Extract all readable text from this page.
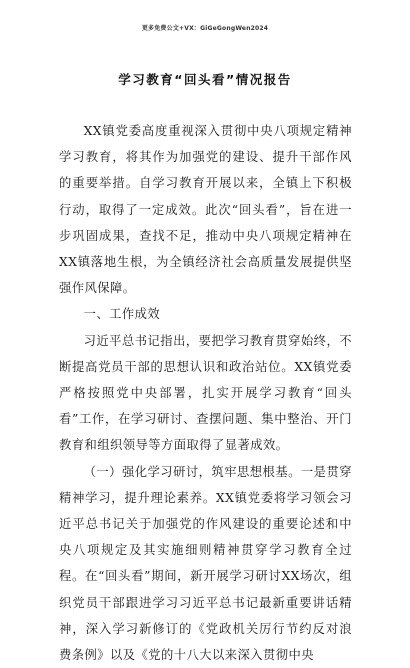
更多免费公文+VX：GiGeGongWen2024
学习教育“回头看”情况报告

XX镇党委高度重视深入贯彻中央八项规定精神学习教育，将其作为加强党的建设、提升干部作风的重要举措。自学习教育开展以来，全镇上下积极行动，取得了一定成效。此次“回头看”，旨在进一步巩固成果，查找不足，推动中央八项规定精神在XX镇落地生根，为全镇经济社会高质量发展提供坚强作风保障。

一、工作成效

习近平总书记指出，要把学习教育贯穿始终，不断提高党员干部的思想认识和政治站位。XX镇党委严格按照党中央部署，扎实开展学习教育“回头看”工作，在学习研讨、查摆问题、集中整治、开门教育和组织领导等方面取得了显著成效。

（一）强化学习研讨，筑牢思想根基。一是贯穿精神学习，提升理论素养。XX镇党委将学习领会习近平总书记关于加强党的作风建设的重要论述和中央八项规定及其实施细则精神贯穿学习教育全过程。在“回头看”期间，新开展学习研讨XX场次，组织党员干部跟进学习习近平总书记最新重要讲话精神，深入学习新修订的《党政机关厉行节约反对浪费条例》以及《党的十八大以来深入贯彻中央
